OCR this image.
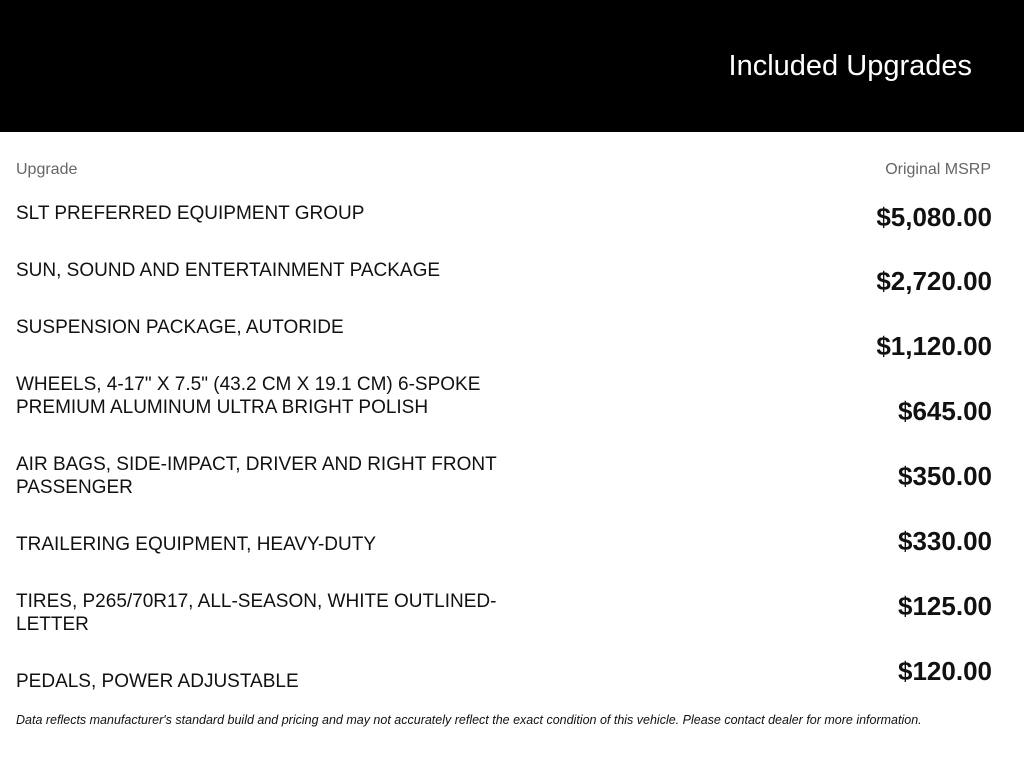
Included Upgrades
Upgrade	Original MSRP
SLT PREFERRED EQUIPMENT GROUP
SUN, SOUND AND ENTERTAINMENT PACKAGE
SUSPENSION PACKAGE, AUTORIDE
WHEELS, 4-17" X 7.5" (43.2 CM X 19.1 CM) 6-SPOKE PREMIUM ALUMINUM ULTRA BRIGHT POLISH
AIR BAGS, SIDE-IMPACT, DRIVER AND RIGHT FRONT PASSENGER
TRAILERING EQUIPMENT, HEAVY-DUTY
TIRES, P265/70R17, ALL-SEASON, WHITE OUTLINED-LETTER
PEDALS, POWER ADJUSTABLE
$5,080.00
$2,720.00
$1,120.00
$645.00
$350.00
$330.00
$125.00
$120.00
Data reflects manufacturer's standard build and pricing and may not accurately reflect the exact condition of this vehicle. Please contact dealer for more information.
